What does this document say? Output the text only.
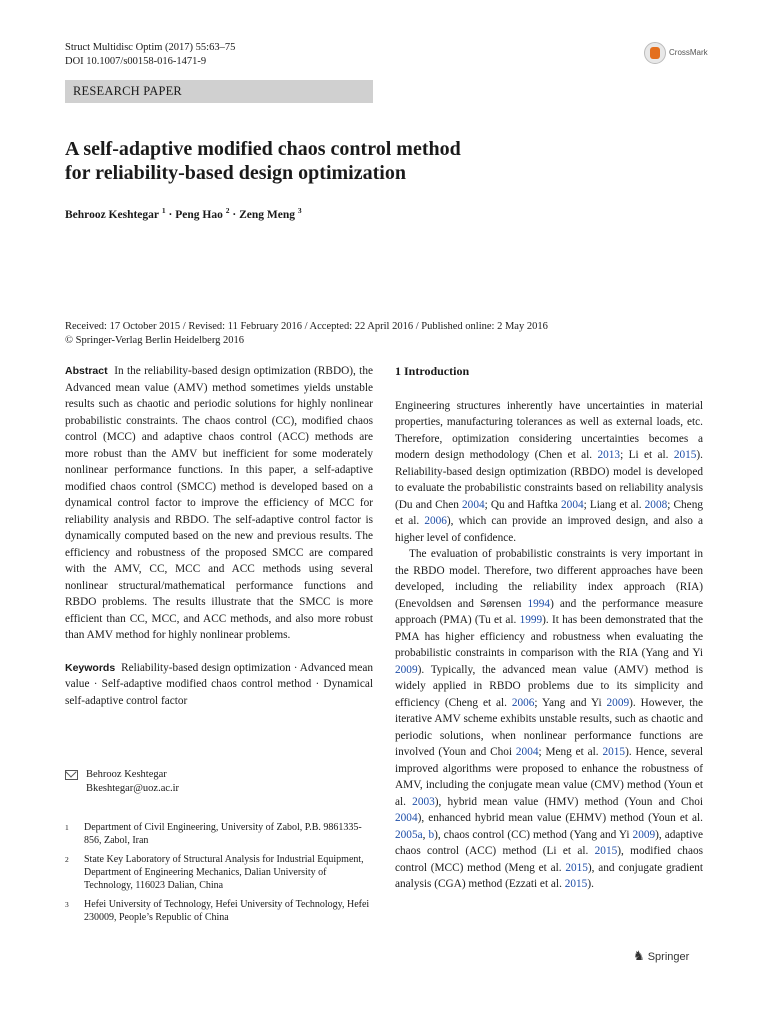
Struct Multidisc Optim (2017) 55:63–75
DOI 10.1007/s00158-016-1471-9
CrossMark
RESEARCH PAPER
A self-adaptive modified chaos control method
for reliability-based design optimization
Behrooz Keshtegar $^1$ · Peng Hao $^2$ · Zeng Meng $^3$
Received: 17 October 2015 / Revised: 11 February 2016 / Accepted: 22 April 2016 / Published online: 2 May 2016
© Springer-Verlag Berlin Heidelberg 2016

Abstract In the reliability-based design optimization (RBDO), the Advanced mean value (AMV) method sometimes yields unstable results such as chaotic and periodic solutions for highly nonlinear probabilistic constraints. The chaos control (CC), modified chaos control (MCC) and adaptive chaos control (ACC) methods are more robust than the AMV but inefficient for some moderately nonlinear performance functions. In this paper, a self-adaptive modified chaos control (SMCC) method is developed based on a dynamical control factor to improve the efficiency of MCC for reliability analysis and RBDO. The self-adaptive control factor is dynamically computed based on the new and previous results. The efficiency and robustness of the proposed SMCC are compared with the AMV, CC, MCC and ACC methods using several nonlinear structural/mathematical performance functions and RBDO problems. The results illustrate that the SMCC is more efficient than CC, MCC, and ACC methods, and also more robust than AMV method for highly nonlinear problems.

Keywords Reliability-based design optimization · Advanced mean value · Self-adaptive modified chaos control method · Dynamical self-adaptive control factor

Behrooz Keshtegar
Bkeshtegar@uoz.ac.ir
1 Department of Civil Engineering, University of Zabol, P.B. 9861335-856, Zabol, Iran
2 State Key Laboratory of Structural Analysis for Industrial Equipment, Department of Engineering Mechanics, Dalian University of Technology, 116023 Dalian, China
3 Hefei University of Technology, Hefei University of Technology, Hefei 230009, People’s Republic of China

1 Introduction

Engineering structures inherently have uncertainties in material properties, manufacturing tolerances as well as external loads, etc. Therefore, optimization considering uncertainties becomes a modern design methodology (Chen et al. 2013; Li et al. 2015). Reliability-based design optimization (RBDO) model is developed to evaluate the probabilistic constraints based on reliability analysis (Du and Chen 2004; Qu and Haftka 2004; Liang et al. 2008; Cheng et al. 2006), which can provide an improved design, and also a higher level of confidence.

The evaluation of probabilistic constraints is very important in the RBDO model. Therefore, two different approaches have been developed, including the reliability index approach (RIA) (Enevoldsen and Sørensen 1994) and the performance measure approach (PMA) (Tu et al. 1999). It has been demonstrated that the PMA has higher efficiency and robustness when evaluating the probabilistic constraints in comparison with the RIA (Yang and Yi 2009). Typically, the advanced mean value (AMV) method is widely applied in RBDO problems due to its simplicity and efficiency (Cheng et al. 2006; Yang and Yi 2009). However, the iterative AMV scheme exhibits unstable results, such as chaotic and periodic solutions, when nonlinear performance functions are involved (Youn and Choi 2004; Meng et al. 2015). Hence, several improved algorithms were proposed to enhance the robustness of AMV, including the conjugate mean value (CMV) method (Youn et al. 2003), hybrid mean value (HMV) method (Youn and Choi 2004), enhanced hybrid mean value (EHMV) method (Youn et al. 2005a, b), chaos control (CC) method (Yang and Yi 2009), adaptive chaos control (ACC) method (Li et al. 2015), modified chaos control (MCC) method (Meng et al. 2015), and conjugate gradient analysis (CGA) method (Ezzati et al. 2015).

♞ Springer
